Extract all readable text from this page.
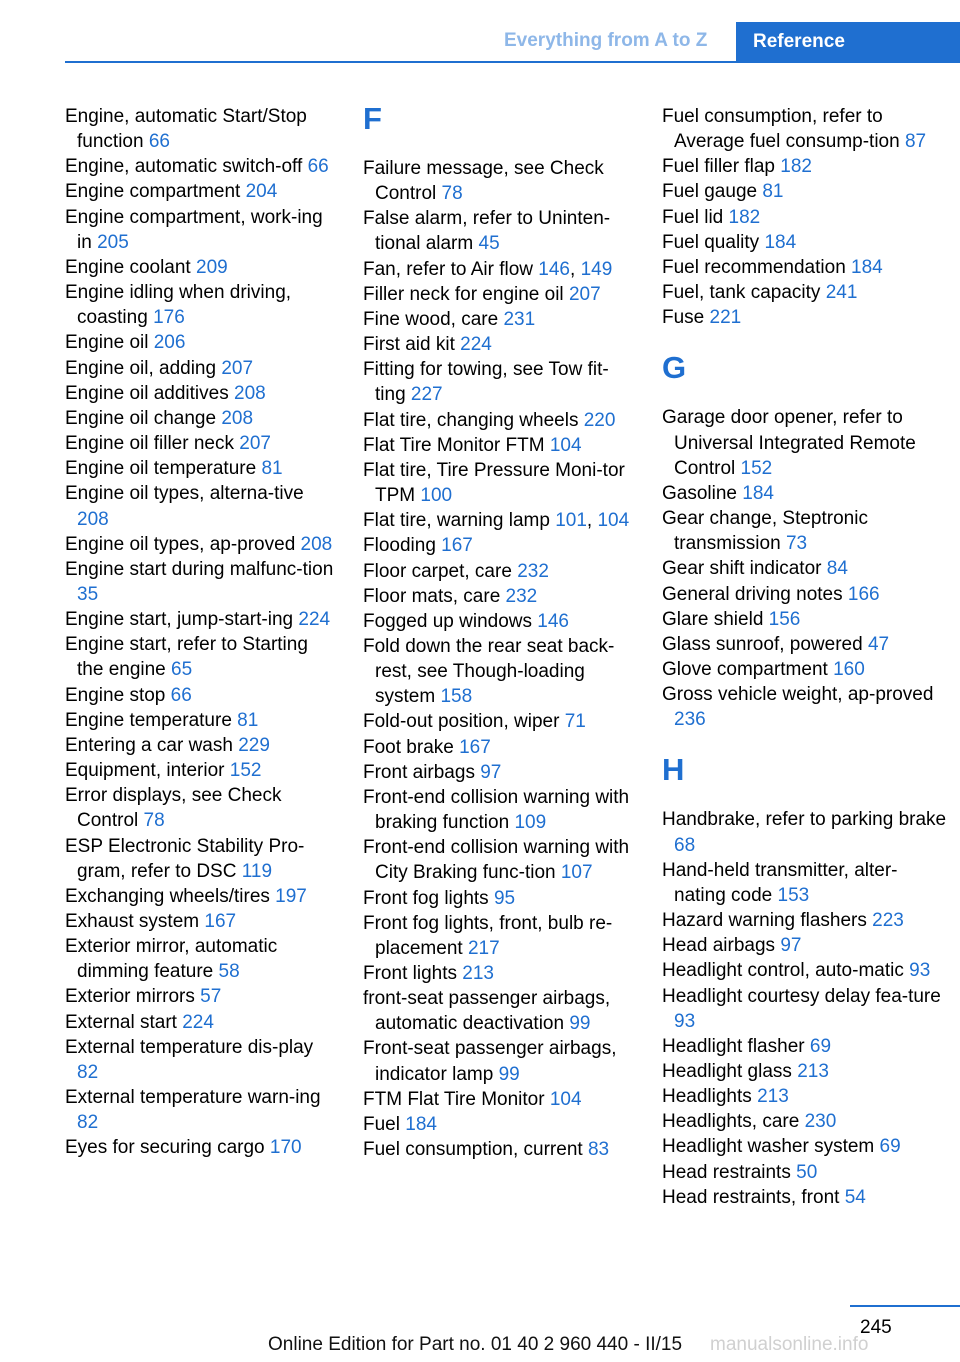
Everything from A to Z	Reference
Engine, automatic Start/Stop function 66
Engine, automatic switch-off 66
Engine compartment 204
Engine compartment, work-ing in 205
Engine coolant 209
Engine idling when driving, coasting 176
Engine oil 206
Engine oil, adding 207
Engine oil additives 208
Engine oil change 208
Engine oil filler neck 207
Engine oil temperature 81
Engine oil types, alterna-tive 208
Engine oil types, ap-proved 208
Engine start during malfunc-tion 35
Engine start, jump-start-ing 224
Engine start, refer to Starting the engine 65
Engine stop 66
Engine temperature 81
Entering a car wash 229
Equipment, interior 152
Error displays, see Check Control 78
ESP Electronic Stability Pro-gram, refer to DSC 119
Exchanging wheels/tires 197
Exhaust system 167
Exterior mirror, automatic dimming feature 58
Exterior mirrors 57
External start 224
External temperature dis-play 82
External temperature warn-ing 82
Eyes for securing cargo 170
F
Failure message, see Check Control 78
False alarm, refer to Uninten-tional alarm 45
Fan, refer to Air flow 146, 149
Filler neck for engine oil 207
Fine wood, care 231
First aid kit 224
Fitting for towing, see Tow fit-ting 227
Flat tire, changing wheels 220
Flat Tire Monitor FTM 104
Flat tire, Tire Pressure Moni-tor TPM 100
Flat tire, warning lamp 101, 104
Flooding 167
Floor carpet, care 232
Floor mats, care 232
Fogged up windows 146
Fold down the rear seat back-rest, see Though-loading system 158
Fold-out position, wiper 71
Foot brake 167
Front airbags 97
Front-end collision warning with braking function 109
Front-end collision warning with City Braking func-tion 107
Front fog lights 95
Front fog lights, front, bulb re-placement 217
Front lights 213
front-seat passenger airbags, automatic deactivation 99
Front-seat passenger airbags, indicator lamp 99
FTM Flat Tire Monitor 104
Fuel 184
Fuel consumption, current 83
Fuel consumption, refer to Average fuel consump-tion 87
Fuel filler flap 182
Fuel gauge 81
Fuel lid 182
Fuel quality 184
Fuel recommendation 184
Fuel, tank capacity 241
Fuse 221
G
Garage door opener, refer to Universal Integrated Remote Control 152
Gasoline 184
Gear change, Steptronic transmission 73
Gear shift indicator 84
General driving notes 166
Glare shield 156
Glass sunroof, powered 47
Glove compartment 160
Gross vehicle weight, ap-proved 236
H
Handbrake, refer to parking brake 68
Hand-held transmitter, alter-nating code 153
Hazard warning flashers 223
Head airbags 97
Headlight control, auto-matic 93
Headlight courtesy delay fea-ture 93
Headlight flasher 69
Headlight glass 213
Headlights 213
Headlights, care 230
Headlight washer system 69
Head restraints 50
Head restraints, front 54
245
Online Edition for Part no. 01 40 2 960 440 - II/15 manualsonline.info
